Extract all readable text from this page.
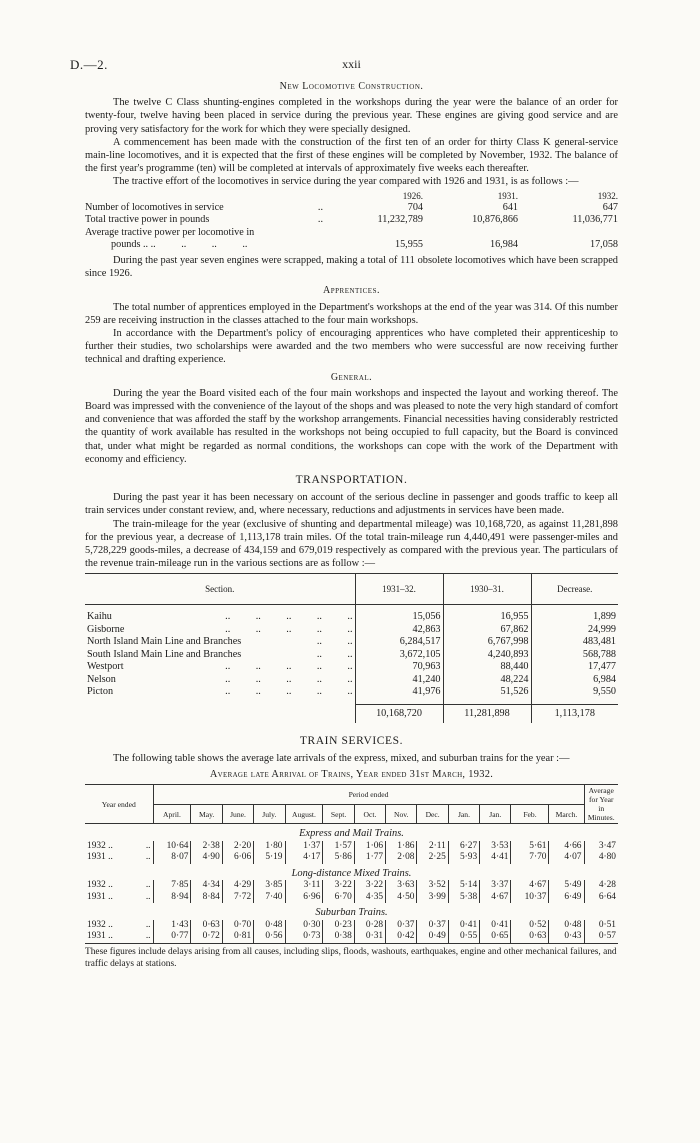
D.—2.	xxii
New Locomotive Construction.

The twelve C Class shunting-engines completed in the workshops during the year were the balance of an order for twenty-four, twelve having been placed in service during the previous year. These engines are giving good service and are proving very satisfactory for the work for which they were specially designed.

A commencement has been made with the construction of the first ten of an order for thirty Class K general-service main-line locomotives, and it is expected that the first of these engines will be completed by November, 1932. The balance of the first year's programme (ten) will be completed at intervals of approximately five weeks each thereafter.

The tractive effort of the locomotives in service during the year compared with 1926 and 1931, is as follows :—

		1926.	1931.	1932.
Number of locomotives in service	..	704	641	647
Total tractive power in pounds	..	11,232,789	10,876,866	11,036,771
Average tractive power per locomotive in				
pounds .. ..          ..          ..          ..		15,955	16,984	17,058

During the past year seven engines were scrapped, making a total of 111 obsolete locomotives which have been scrapped since 1926.

Apprentices.

The total number of apprentices employed in the Department's workshops at the end of the year was 314. Of this number 259 are receiving instruction in the classes attached to the four main workshops.

In accordance with the Department's policy of encouraging apprentices who have completed their apprenticeship to further their studies, two scholarships were awarded and the two members who were successful are now receiving further technical and drafting experience.

General.

During the year the Board visited each of the four main workshops and inspected the layout and working thereof. The Board was impressed with the convenience of the layout of the shops and was pleased to note the very high standard of comfort and convenience that was afforded the staff by the workshop arrangements. Financial necessities having considerably restricted the quantity of work available has resulted in the workshops not being occupied to full capacity, but the Board is convinced that, under what might be regarded as normal conditions, the workshops can cope with the work of the Department with economy and efficiency.

TRANSPORTATION.

During the past year it has been necessary on account of the serious decline in passenger and goods traffic to keep all train services under constant review, and, where necessary, reductions and adjustments in services have been made.

The train-mileage for the year (exclusive of shunting and departmental mileage) was 10,168,720, as against 11,281,898 for the previous year, a decrease of 1,113,178 train miles. Of the total train-mileage run 4,440,491 were passenger-miles and 5,728,229 goods-miles, a decrease of 434,159 and 679,019 respectively as compared with the previous year. The particulars of the revenue train-mileage run in the various sections are as follow :—

Section.	1931–32.	1930–31.	Decrease.

Kaihu ..          ..          ..          ..          ..	15,056	16,955	1,899
Gisborne ..          ..          ..          ..          ..	42,863	67,862	24,999
North Island Main Line and Branches ..          ..	6,284,517	6,767,998	483,481
South Island Main Line and Branches ..          ..	3,672,105	4,240,893	568,788
Westport ..          ..          ..          ..          ..	70,963	88,440	17,477
Nelson ..          ..          ..          ..          ..	41,240	48,224	6,984
Picton ..          ..          ..          ..          ..	41,976	51,526	9,550

	10,168,720	11,281,898	1,113,178
TRAIN SERVICES.

The following table shows the average late arrivals of the express, mixed, and suburban trains for the year :—

Average late Arrival of Trains, Year ended 31st March, 1932.
Year ended	Period ended													Average for Year in Minutes.
	April.	May.	June.	July.	August.	Sept.	Oct.	Nov.	Dec.	Jan.	Jan.	Feb.	March.	
Express and Mail Trains.														
1932 .. ..	10·64	2·38	2·20	1·80	1·37	1·57	1·06	1·86	2·11	6·27	3·53	5·61	4·66	3·47
1931 .. ..	8·07	4·90	6·06	5·19	4·17	5·86	1·77	2·08	2·25	5·93	4·41	7·70	4·07	4·80
Long-distance Mixed Trains.														
1932 .. ..	7·85	4·34	4·29	3·85	3·11	3·22	3·22	3·63	3·52	5·14	3·37	4·67	5·49	4·28
1931 .. ..	8·94	8·84	7·72	7·40	6·96	6·70	4·35	4·50	3·99	5·38	4·67	10·37	6·49	6·64
Suburban Trains.														
1932 .. ..	1·43	0·63	0·70	0·48	0·30	0·23	0·28	0·37	0·37	0·41	0·41	0·52	0·48	0·51
1931 .. ..	0·77	0·72	0·81	0·56	0·73	0·38	0·31	0·42	0·49	0·55	0·65	0·63	0·43	0·57
These figures include delays arising from all causes, including slips, floods, washouts, earthquakes, engine and other mechanical failures, and traffic delays at stations.
